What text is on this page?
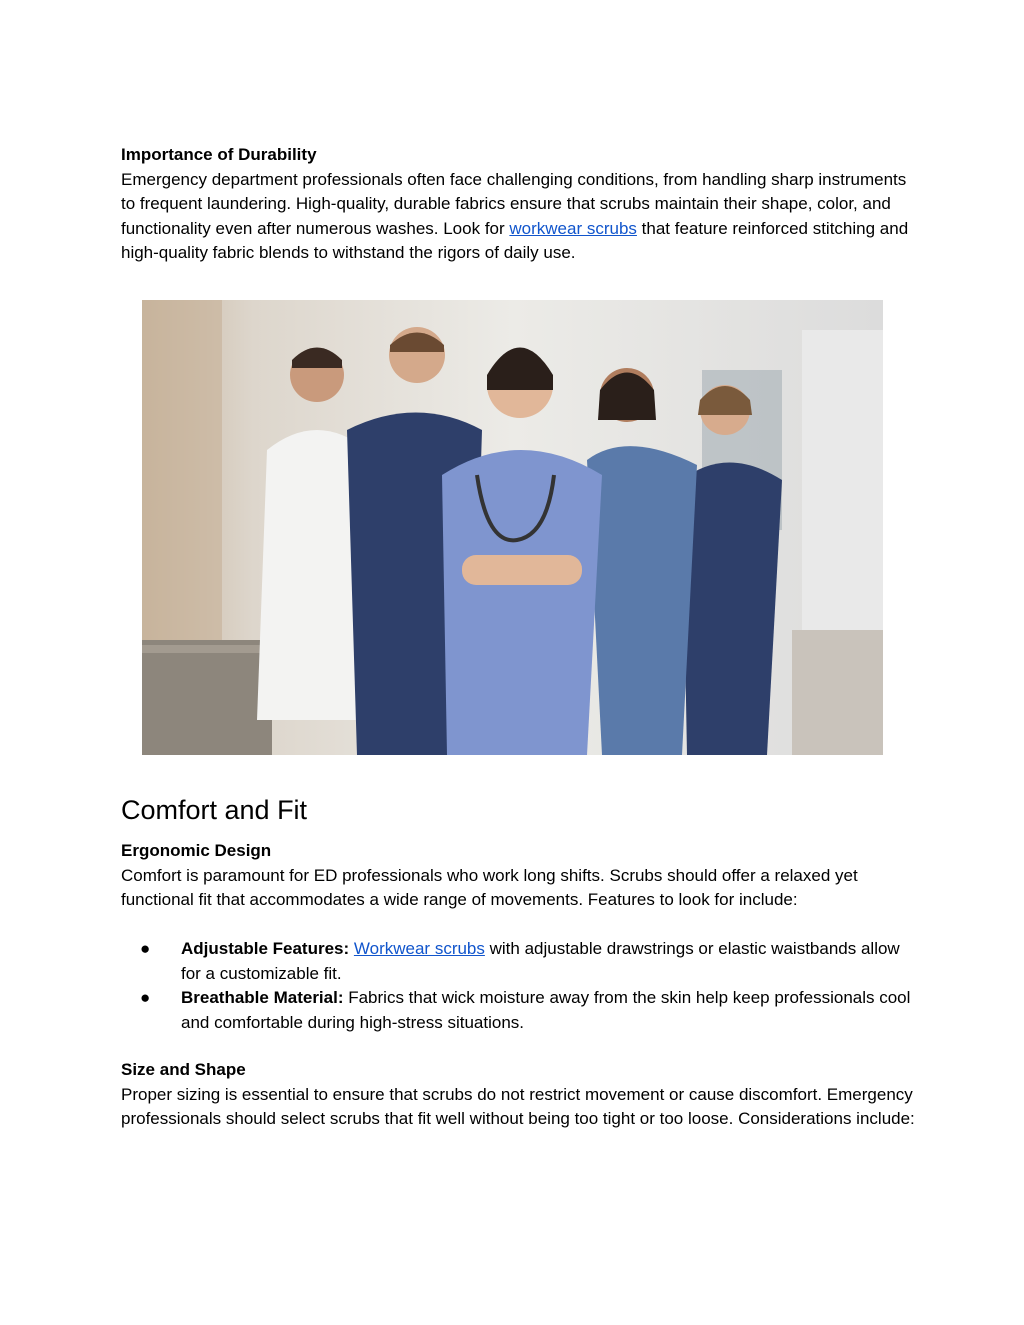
Importance of Durability

Emergency department professionals often face challenging conditions, from handling sharp instruments to frequent laundering. High-quality, durable fabrics ensure that scrubs maintain their shape, color, and functionality even after numerous washes. Look for workwear scrubs that feature reinforced stitching and high-quality fabric blends to withstand the rigors of daily use.

Comfort and Fit

Ergonomic Design

Comfort is paramount for ED professionals who work long shifts. Scrubs should offer a relaxed yet functional fit that accommodates a wide range of movements. Features to look for include:

● Adjustable Features: Workwear scrubs with adjustable drawstrings or elastic waistbands allow for a customizable fit.
● Breathable Material: Fabrics that wick moisture away from the skin help keep professionals cool and comfortable during high-stress situations.

Size and Shape

Proper sizing is essential to ensure that scrubs do not restrict movement or cause discomfort. Emergency professionals should select scrubs that fit well without being too tight or too loose. Considerations include:
